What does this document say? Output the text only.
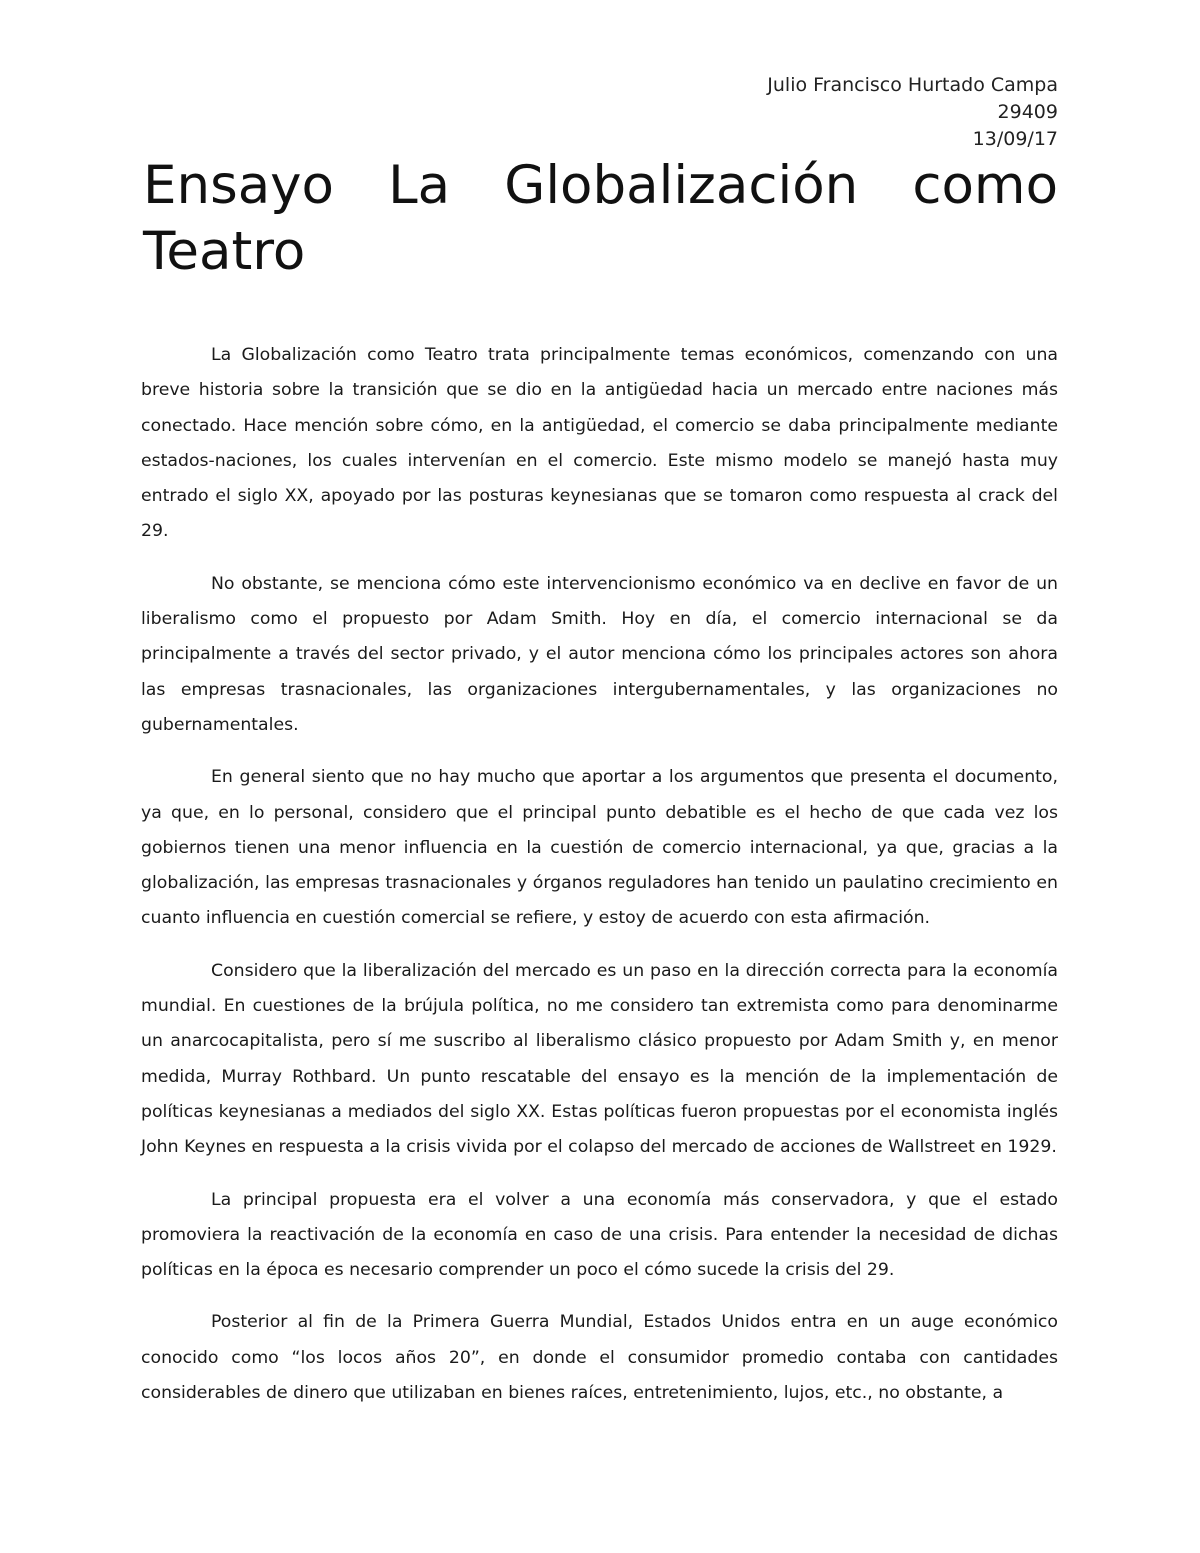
Julio Francisco Hurtado Campa
29409
13/09/17
Ensayo La Globalización como Teatro

La Globalización como Teatro trata principalmente temas económicos, comenzando con una breve historia sobre la transición que se dio en la antigüedad hacia un mercado entre naciones más conectado. Hace mención sobre cómo, en la antigüedad, el comercio se daba principalmente mediante estados-naciones, los cuales intervenían en el comercio. Este mismo modelo se manejó hasta muy entrado el siglo XX, apoyado por las posturas keynesianas que se tomaron como respuesta al crack del 29.

No obstante, se menciona cómo este intervencionismo económico va en declive en favor de un liberalismo como el propuesto por Adam Smith. Hoy en día, el comercio internacional se da principalmente a través del sector privado, y el autor menciona cómo los principales actores son ahora las empresas trasnacionales, las organizaciones intergubernamentales, y las organizaciones no gubernamentales.

En general siento que no hay mucho que aportar a los argumentos que presenta el documento, ya que, en lo personal, considero que el principal punto debatible es el hecho de que cada vez los gobiernos tienen una menor influencia en la cuestión de comercio internacional, ya que, gracias a la globalización, las empresas trasnacionales y órganos reguladores han tenido un paulatino crecimiento en cuanto influencia en cuestión comercial se refiere, y estoy de acuerdo con esta afirmación.

Considero que la liberalización del mercado es un paso en la dirección correcta para la economía mundial. En cuestiones de la brújula política, no me considero tan extremista como para denominarme un anarcocapitalista, pero sí me suscribo al liberalismo clásico propuesto por Adam Smith y, en menor medida, Murray Rothbard. Un punto rescatable del ensayo es la mención de la implementación de políticas keynesianas a mediados del siglo XX. Estas políticas fueron propuestas por el economista inglés John Keynes en respuesta a la crisis vivida por el colapso del mercado de acciones de Wallstreet en 1929.

La principal propuesta era el volver a una economía más conservadora, y que el estado promoviera la reactivación de la economía en caso de una crisis. Para entender la necesidad de dichas políticas en la época es necesario comprender un poco el cómo sucede la crisis del 29.

Posterior al fin de la Primera Guerra Mundial, Estados Unidos entra en un auge económico conocido como “los locos años 20”, en donde el consumidor promedio contaba con cantidades considerables de dinero que utilizaban en bienes raíces, entretenimiento, lujos, etc., no obstante, a
